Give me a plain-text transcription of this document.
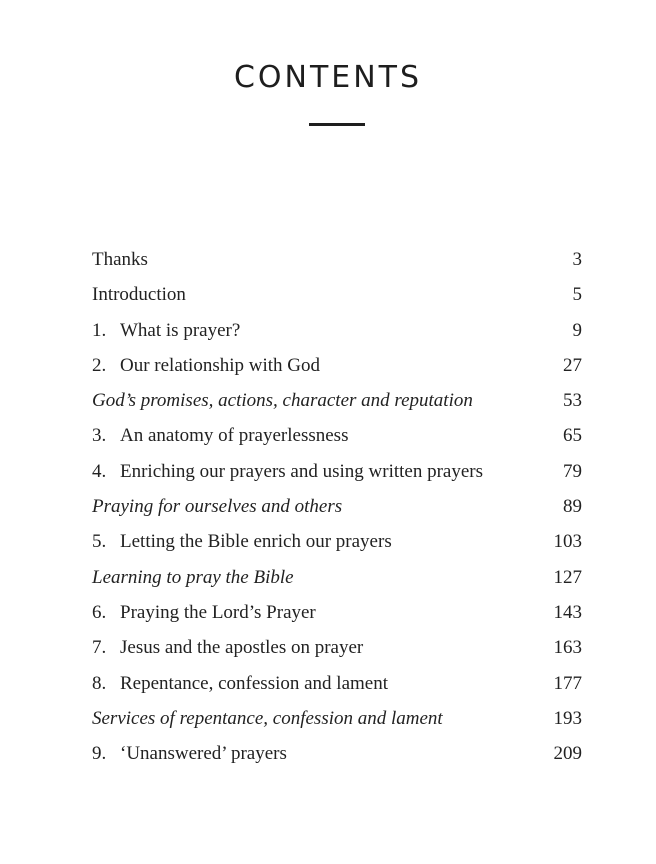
CONTENTS
Thanks	3
Introduction	5
1. What is prayer?	9
2. Our relationship with God	27
God’s promises, actions, character and reputation	53
3. An anatomy of prayerlessness	65
4. Enriching our prayers and using written prayers	79
Praying for ourselves and others	89
5. Letting the Bible enrich our prayers	103
Learning to pray the Bible	127
6. Praying the Lord’s Prayer	143
7. Jesus and the apostles on prayer	163
8. Repentance, confession and lament	177
Services of repentance, confession and lament	193
9. ‘Unanswered’ prayers	209
